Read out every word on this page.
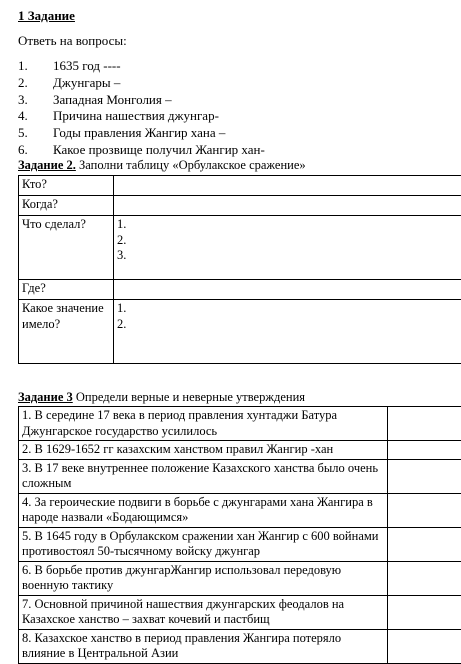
1 Задание
Ответь на вопросы:
1. 1635 год ----
2. Джунгары –
3. Западная Монголия –
4. Причина нашествия джунгар-
5. Годы правления Жангир хана –
6. Какое прозвище получил Жангир хан-
Задание 2. Заполни таблицу «Орбулакское сражение»
Кто?	
Когда?	
Что сделал?	1.
2.
3.

Где?	
Какое значение имело?	1.
2.
Задание 3 Определи верные и неверные утверждения
1. В середине 17 века в период правления хунтаджи Батура Джунгарское государство усилилось	
2. В 1629-1652 гг казахским ханством правил Жангир -хан	
3. В 17 веке внутреннее положение Казахского ханства было очень сложным	
4. За героические подвиги в борьбе с джунгарами хана Жангира в народе назвали «Бодающимся»	
5. В 1645 году в Орбулакском сражении хан Жангир с 600 войнами противостоял 50-тысячному войску джунгар	
6. В борьбе против джунгарЖангир использовал передовую военную тактику	
7. Основной причиной нашествия джунгарских феодалов на Казахское ханство – захват кочевий и пастбищ	
8. Казахское ханство в период правления Жангира потеряло влияние в Центральной Азии	
